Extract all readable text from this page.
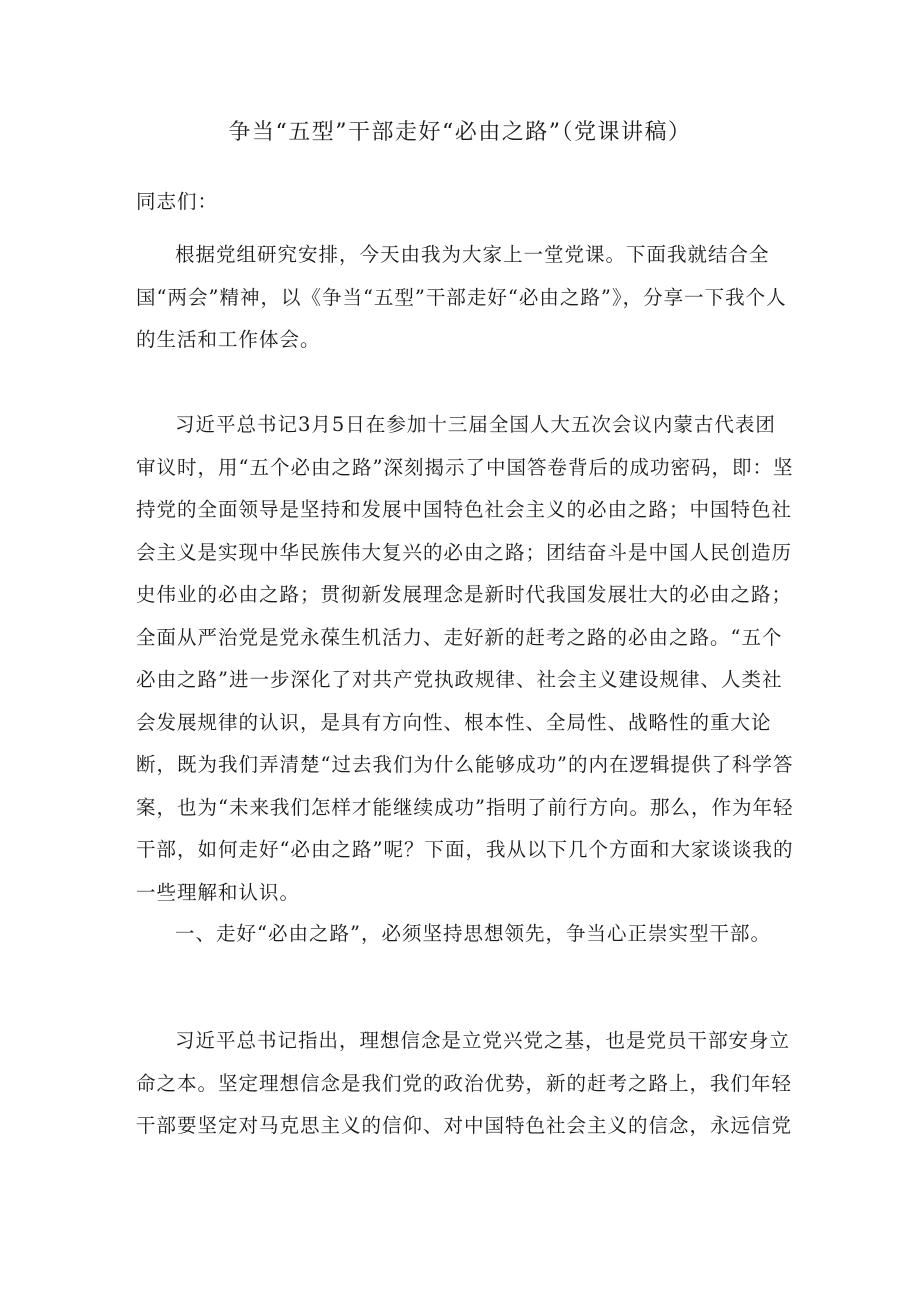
争当“五型”干部走好“必由之路”（党课讲稿）

同志们：

根据党组研究安排，今天由我为大家上一堂党课。下面我就结合全国“两会”精神，以《争当“五型”干部走好“必由之路”》，分享一下我个人的生活和工作体会。

习近平总书记3月5日在参加十三届全国人大五次会议内蒙古代表团审议时，用“五个必由之路”深刻揭示了中国答卷背后的成功密码，即：坚持党的全面领导是坚持和发展中国特色社会主义的必由之路；中国特色社会主义是实现中华民族伟大复兴的必由之路；团结奋斗是中国人民创造历史伟业的必由之路；贯彻新发展理念是新时代我国发展壮大的必由之路；全面从严治党是党永葆生机活力、走好新的赶考之路的必由之路。“五个必由之路”进一步深化了对共产党执政规律、社会主义建设规律、人类社会发展规律的认识，是具有方向性、根本性、全局性、战略性的重大论断，既为我们弄清楚“过去我们为什么能够成功”的内在逻辑提供了科学答案，也为“未来我们怎样才能继续成功”指明了前行方向。那么，作为年轻干部，如何走好“必由之路”呢？下面，我从以下几个方面和大家谈谈我的一些理解和认识。

一、走好“必由之路”，必须坚持思想领先，争当心正崇实型干部。

习近平总书记指出，理想信念是立党兴党之基，也是党员干部安身立命之本。坚定理想信念是我们党的政治优势，新的赶考之路上，我们年轻干部要坚定对马克思主义的信仰、对中国特色社会主义的信念，永远信党
